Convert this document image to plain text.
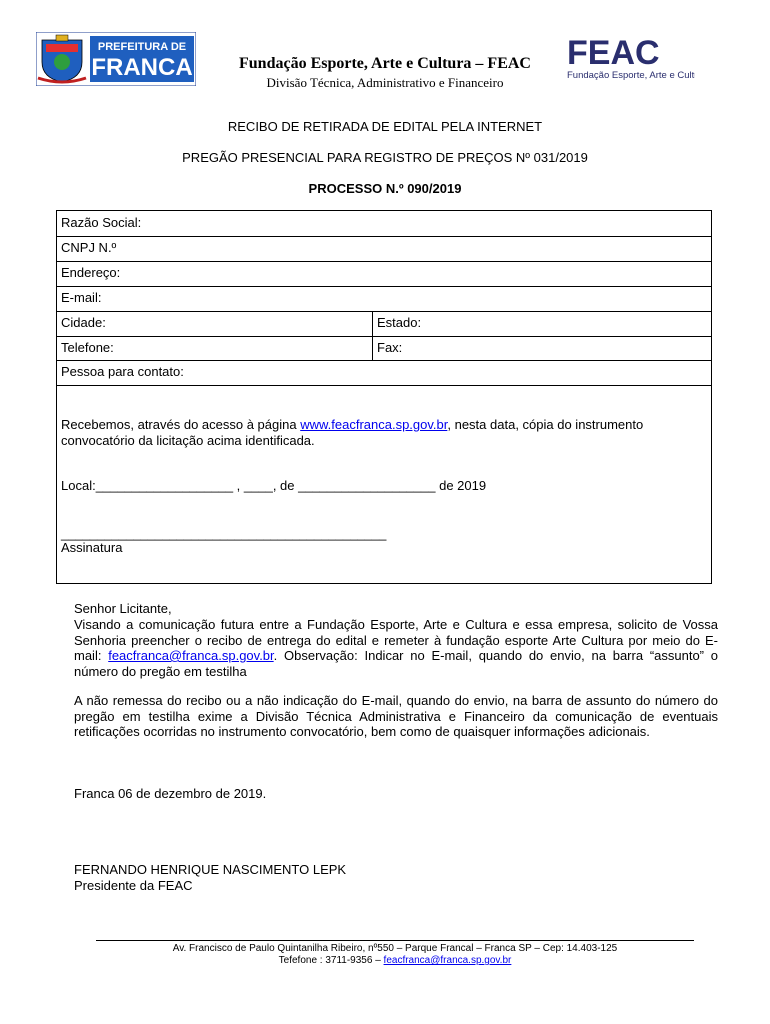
PREFEITURA DE
FRANCA	Fundação Esporte, Arte e Cultura – FEAC
Divisão Técnica, Administrativo e Financeiro
FEAC
Fundação Esporte, Arte e Cultura
RECIBO DE RETIRADA DE EDITAL PELA INTERNET
PREGÃO PRESENCIAL PARA REGISTRO DE PREÇOS Nº 031/2019
PROCESSO N.º 090/2019
Razão Social:
CNPJ N.º
Endereço:
E-mail:
Cidade:	Estado:
Telefone:	Fax:
Pessoa para contato:
Recebemos, através do acesso à página www.feacfranca.sp.gov.br, nesta data, cópia do instrumento convocatório da licitação acima identificada.
Local:___________________ , ____, de ___________________ de 2019
_____________________________________________
Assinatura
Senhor Licitante,
Visando a comunicação futura entre a Fundação Esporte, Arte e Cultura e essa empresa, solicito de Vossa Senhoria preencher o recibo de entrega do edital e remeter à fundação esporte Arte Cultura por meio do E-mail: feacfranca@franca.sp.gov.br. Observação: Indicar no E-mail, quando do envio, na barra “assunto” o número do pregão em testilha
A não remessa do recibo ou a não indicação do E-mail, quando do envio, na barra de assunto do número do pregão em testilha exime a Divisão Técnica Administrativa e Financeiro da comunicação de eventuais retificações ocorridas no instrumento convocatório, bem como de quaisquer informações adicionais.
Franca 06 de dezembro de 2019.
FERNANDO HENRIQUE NASCIMENTO LEPK
Presidente da FEAC
Av. Francisco de Paulo Quintanilha Ribeiro, nº550 – Parque Francal – Franca SP – Cep: 14.403-125
Tefefone : 3711-9356 – feacfranca@franca.sp.gov.br
